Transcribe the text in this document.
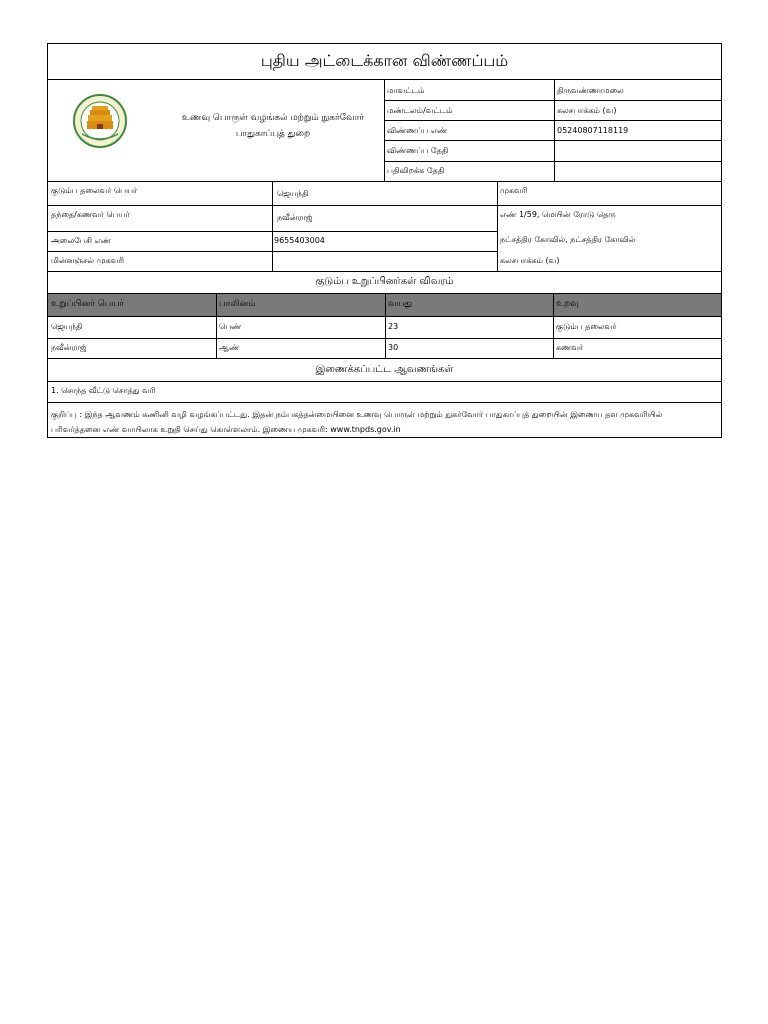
புதிய அட்டைக்கான விண்ணப்பம்
உணவு பொருள் வழங்கல் மற்றும் நுகர்வோர் பாதுகாப்புத் துறை
மாவட்டம்	திருவண்ணாமலை
மண்டலம்/வட்டம்	கலசபாக்கம் (வ)
விண்ணப்ப எண்	05240807118119
விண்ணப்ப தேதி
பதிவிறக்க தேதி
குடும்ப தலைவர் பெயர்	ஜெயந்தி
தந்தை/கணவர் பெயர்	நவீன்ராஜ்
அலைபேசி எண்	9655403004
மின்னஞ்சல் முகவரி
முகவரி
எண் 1/59, மெயின் ரோடு தெரு
நட்சத்திர கோவில், நட்சத்திர கோவில்
கலசபாக்கம் (வ)
குடும்ப உறுப்பினர்கள் விவரம்
உறுப்பினர் பெயர்	பாலினம்	வயது	உறவு
ஜெயந்தி	பெண்	23	குடும்ப தலைவர்
நவீன்ராஜ்	ஆண்	30	கணவர்
இணைக்கப்பட்ட ஆவணங்கள்
1. சொந்த வீட்டு சொத்து வரி
குறிப்பு : இந்த ஆவணம் கணினி வழி வழங்கப்பட்டது. இதன் நம்பகத்தன்மையினை உணவு பொருள் மற்றும் நுகர்வோர் பாதுகாப்புத் துறையின் இணைய தள முகவரியில் பரிவர்த்தனை எண் வாயிலாக உறுதி செய்து கொள்ளலாம். இணைய முகவரி: www.tnpds.gov.in
